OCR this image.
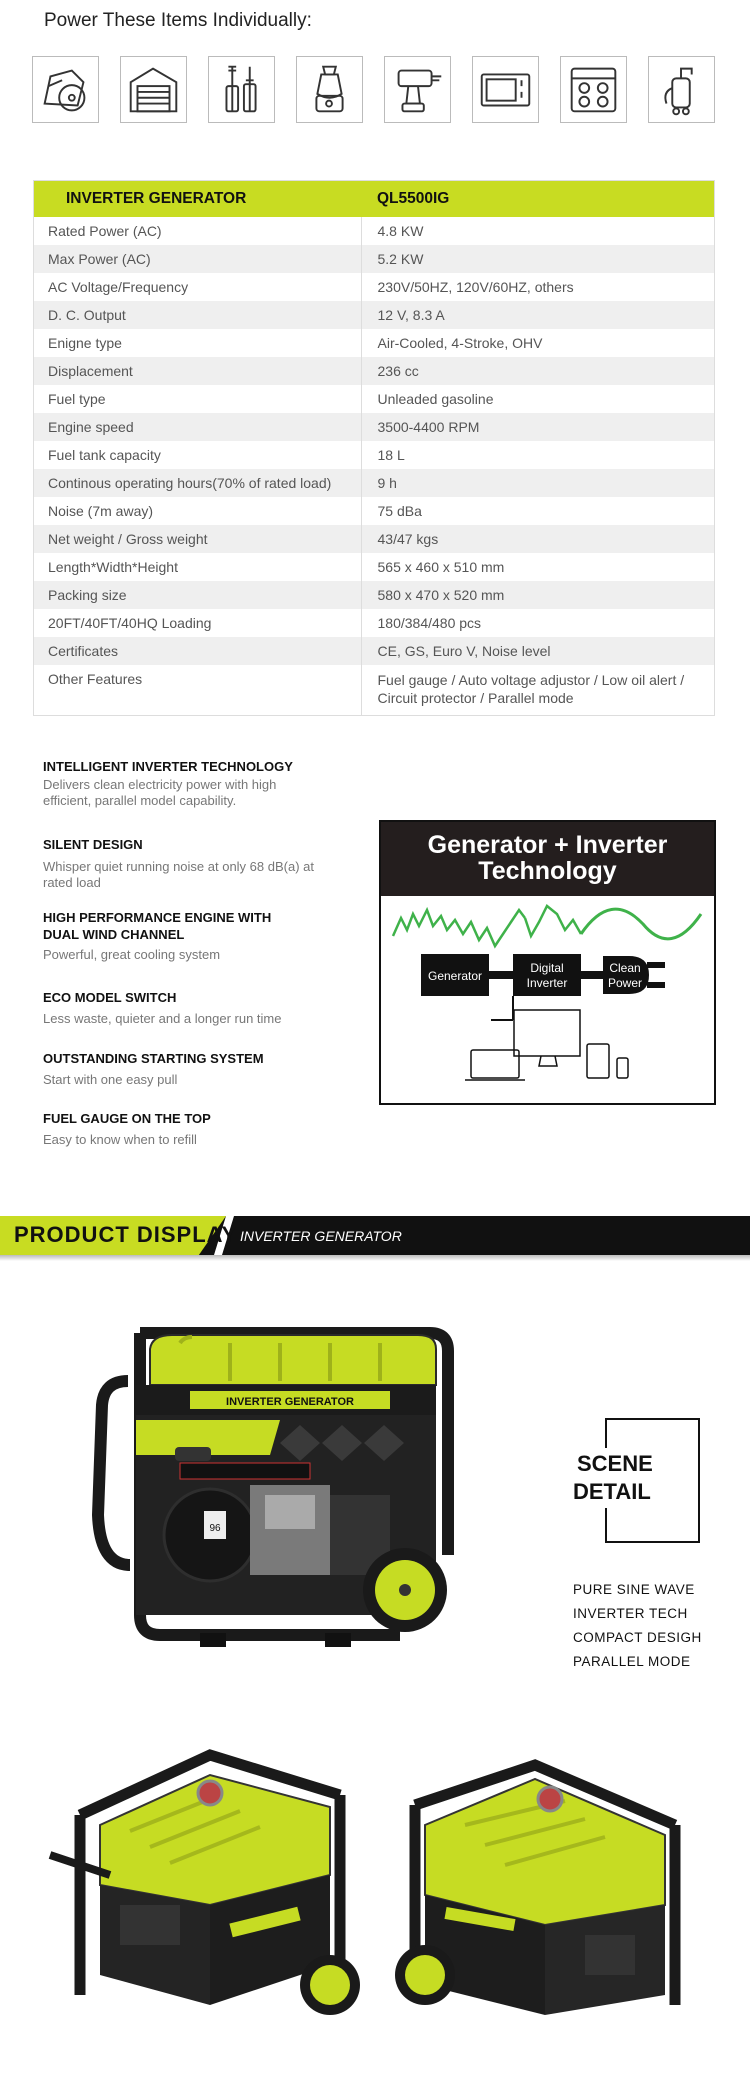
Power These Items Individually:
INVERTER GENERATOR	QL5500IG
Rated Power (AC)	4.8 KW
Max Power (AC)	5.2 KW
AC Voltage/Frequency	230V/50HZ, 120V/60HZ, others
D. C. Output	12 V, 8.3 A
Enigne type	Air-Cooled, 4-Stroke, OHV
Displacement	236 cc
Fuel type	Unleaded gasoline
Engine speed	3500-4400 RPM
Fuel tank capacity	18 L
Continous operating hours(70% of rated load)	9 h
Noise (7m away)	75 dBa
Net weight / Gross weight	43/47 kgs
Length*Width*Height	565 x 460 x 510 mm
Packing size	580 x 470 x 520 mm
20FT/40FT/40HQ Loading	180/384/480 pcs
Certificates	CE, GS, Euro V, Noise level
Other Features	Fuel gauge / Auto voltage adjustor / Low oil alert / Circuit protector / Parallel mode
INTELLIGENT INVERTER TECHNOLOGY
Delivers clean electricity power with high efficient, parallel model capability.
SILENT DESIGN
Whisper quiet running noise at only 68 dB(a) at rated load
HIGH PERFORMANCE ENGINE WITH DUAL WIND CHANNEL
Powerful, great cooling system
ECO MODEL SWITCH
Less waste, quieter and a longer run time
OUTSTANDING STARTING SYSTEM
Start with one easy pull
FUEL GAUGE ON THE TOP
Easy to know when to refill
Generator + Inverter
Technology
Generator
Digital
Inverter
Clean
Power
PRODUCT DISPLAY INVERTER GENERATOR
INVERTER GENERATOR
96
SCENE
DETAIL
PURE SINE WAVE
INVERTER TECH
COMPACT DESIGH
PARALLEL MODE
